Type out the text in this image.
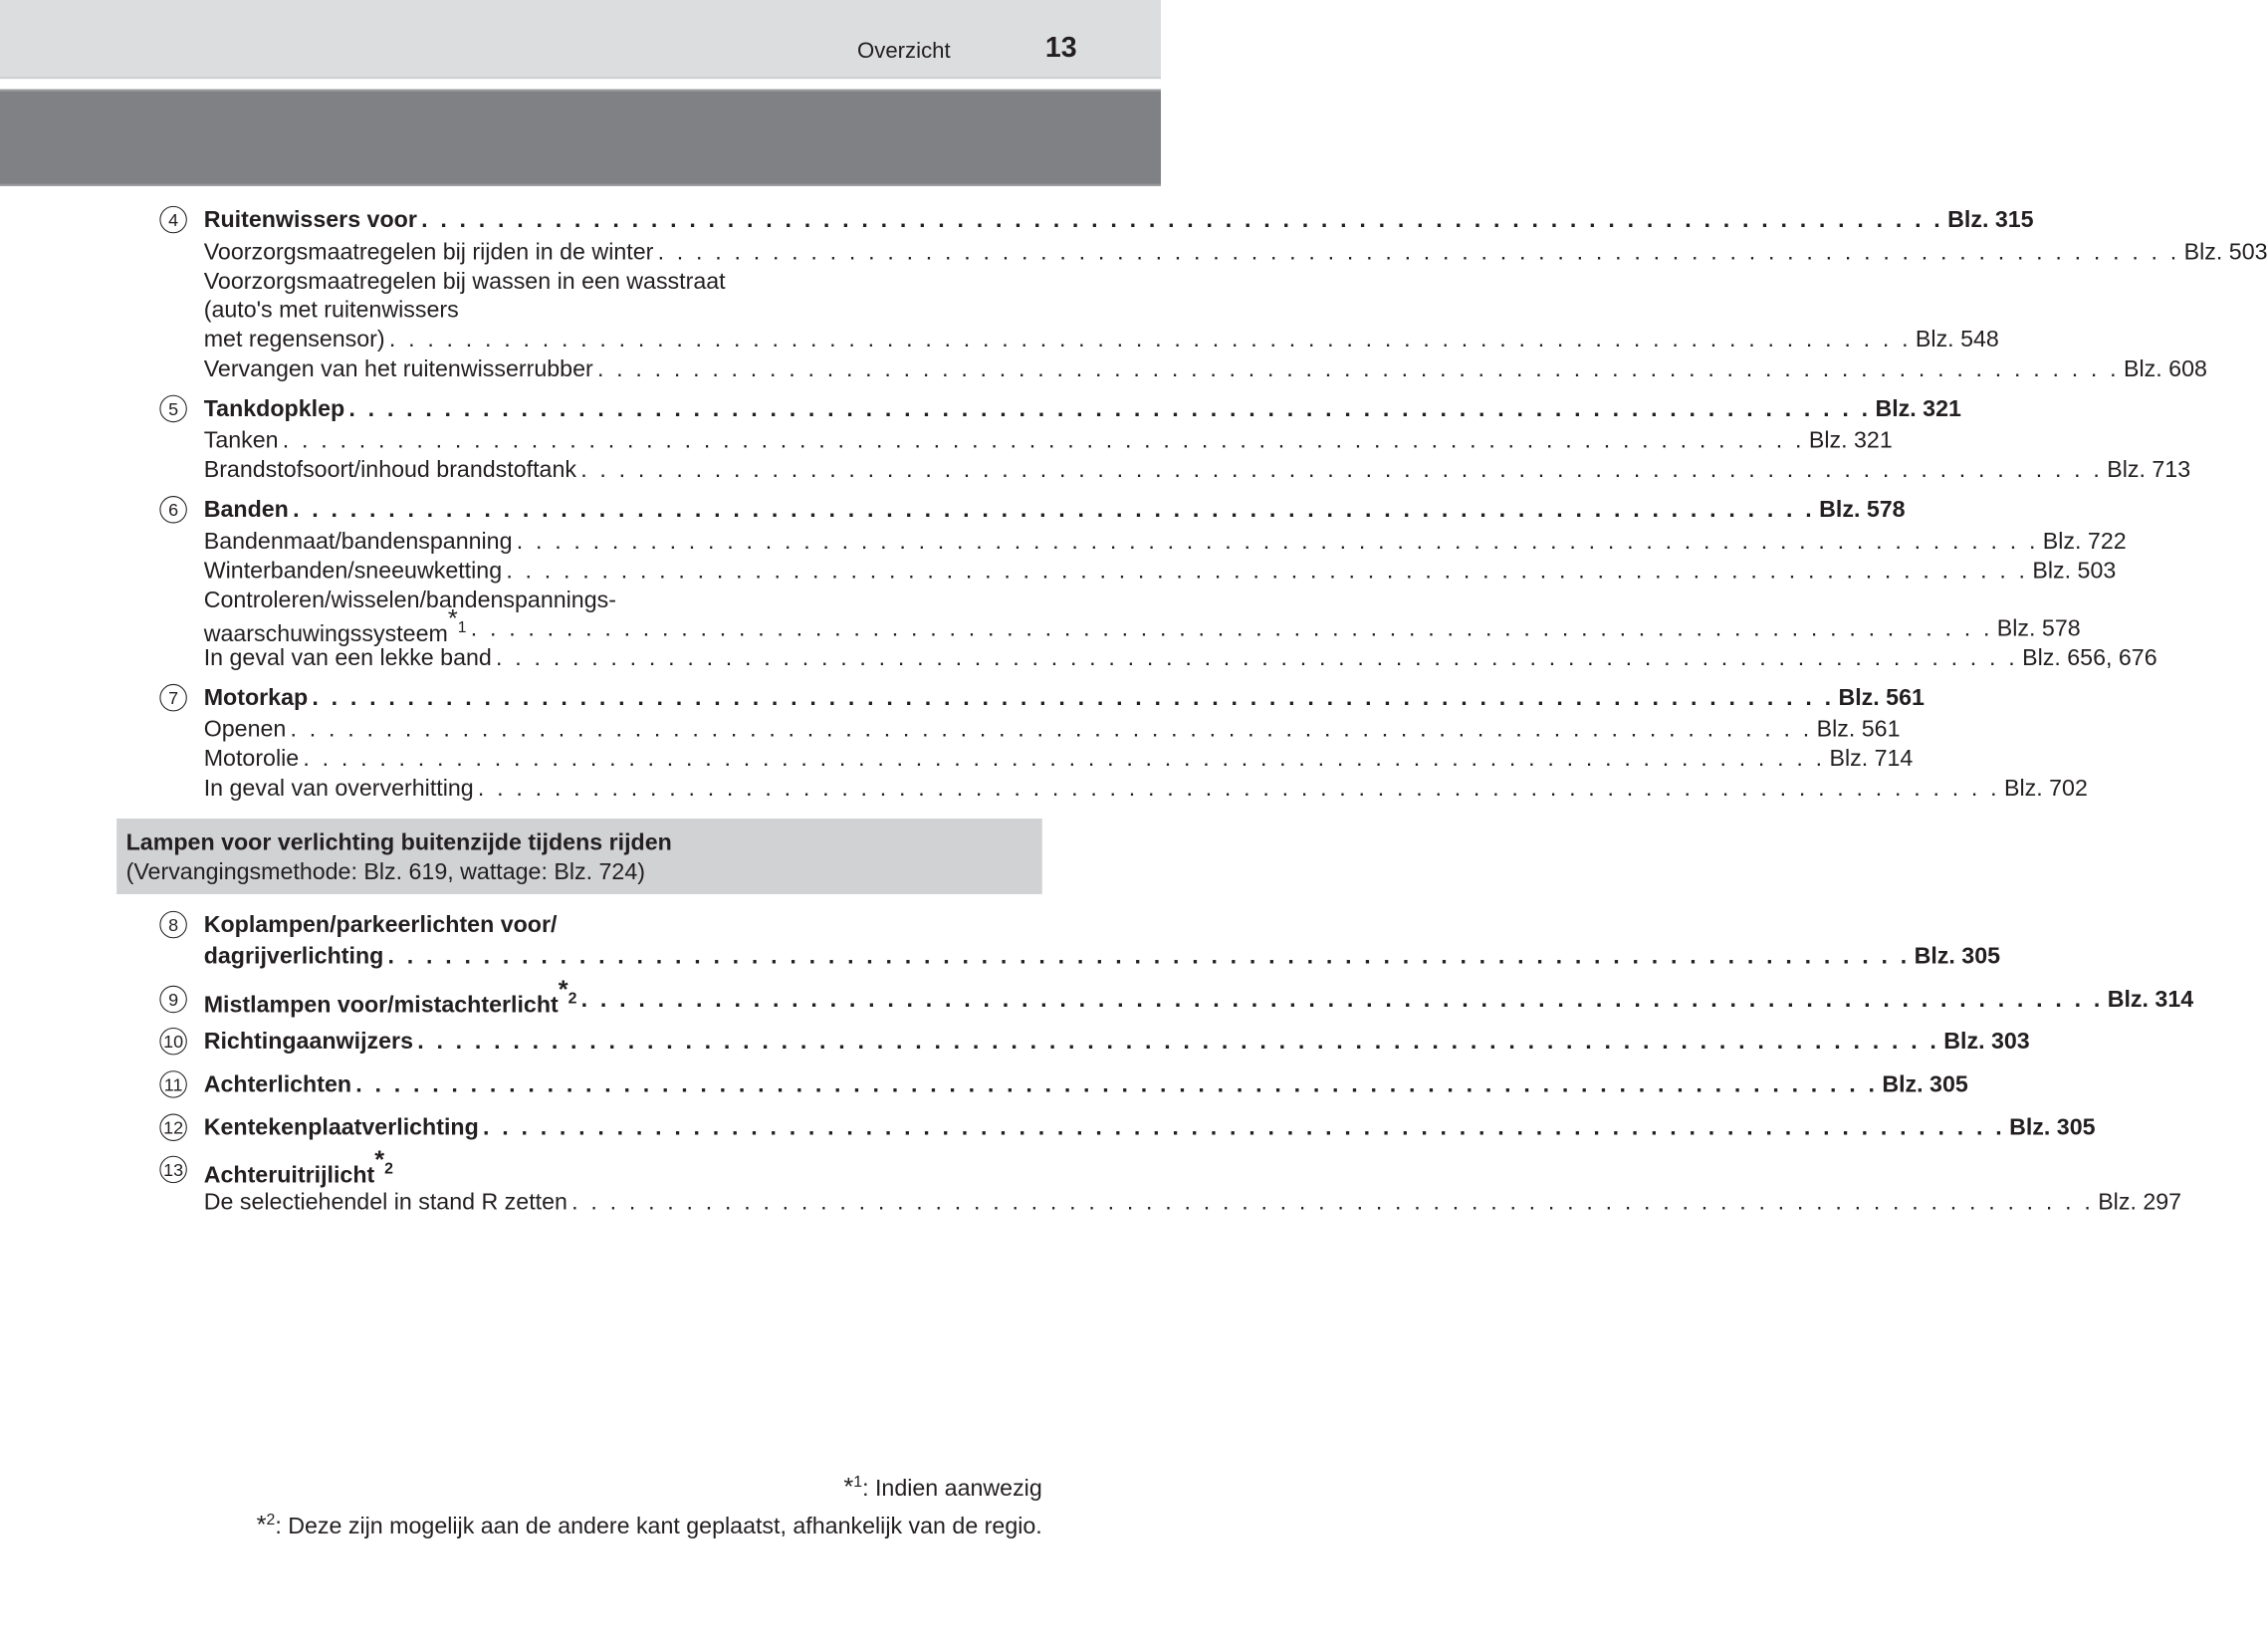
Overzicht	13
Lampen voor verlichting buitenzijde tijdens rijden
(Vervangingsmethode: Blz. 619, wattage: Blz. 724)
4	Ruitenwissers voor . . . . . . . . . . . . . . . . . . . . . . . . . . . . . . . . . . . . . . . . . . . . . . . . . . . . . . . . . . . . . . . . . . . . . . . . . . . . . . . . Blz. 315
Voorzorgsmaatregelen bij rijden in de winter . . . . . . . . . . . . . . . . . . . . . . . . . . . . . . . . . . . . . . . . . . . . . . . . . . . . . . . . . . . . . . . . . . . . . . . . . . . . . . . . Blz. 503
Voorzorgsmaatregelen bij wassen in een wasstraat
(auto's met ruitenwissers
met regensensor) . . . . . . . . . . . . . . . . . . . . . . . . . . . . . . . . . . . . . . . . . . . . . . . . . . . . . . . . . . . . . . . . . . . . . . . . . . . . . . . . Blz. 548
Vervangen van het ruitenwisserrubber . . . . . . . . . . . . . . . . . . . . . . . . . . . . . . . . . . . . . . . . . . . . . . . . . . . . . . . . . . . . . . . . . . . . . . . . . . . . . . . . Blz. 608
5	Tankdopklep . . . . . . . . . . . . . . . . . . . . . . . . . . . . . . . . . . . . . . . . . . . . . . . . . . . . . . . . . . . . . . . . . . . . . . . . . . . . . . . . Blz. 321
Tanken . . . . . . . . . . . . . . . . . . . . . . . . . . . . . . . . . . . . . . . . . . . . . . . . . . . . . . . . . . . . . . . . . . . . . . . . . . . . . . . . Blz. 321
Brandstofsoort/inhoud brandstoftank . . . . . . . . . . . . . . . . . . . . . . . . . . . . . . . . . . . . . . . . . . . . . . . . . . . . . . . . . . . . . . . . . . . . . . . . . . . . . . . . Blz. 713
6	Banden . . . . . . . . . . . . . . . . . . . . . . . . . . . . . . . . . . . . . . . . . . . . . . . . . . . . . . . . . . . . . . . . . . . . . . . . . . . . . . . . Blz. 578
Bandenmaat/bandenspanning . . . . . . . . . . . . . . . . . . . . . . . . . . . . . . . . . . . . . . . . . . . . . . . . . . . . . . . . . . . . . . . . . . . . . . . . . . . . . . . . Blz. 722
Winterbanden/sneeuwketting . . . . . . . . . . . . . . . . . . . . . . . . . . . . . . . . . . . . . . . . . . . . . . . . . . . . . . . . . . . . . . . . . . . . . . . . . . . . . . . . Blz. 503
Controleren/wisselen/bandenspannings-
waarschuwingssysteem$^{*1}$ . . . . . . . . . . . . . . . . . . . . . . . . . . . . . . . . . . . . . . . . . . . . . . . . . . . . . . . . . . . . . . . . . . . . . . . . . . . . . . . . Blz. 578
In geval van een lekke band . . . . . . . . . . . . . . . . . . . . . . . . . . . . . . . . . . . . . . . . . . . . . . . . . . . . . . . . . . . . . . . . . . . . . . . . . . . . . . . . Blz. 656, 676
7	Motorkap . . . . . . . . . . . . . . . . . . . . . . . . . . . . . . . . . . . . . . . . . . . . . . . . . . . . . . . . . . . . . . . . . . . . . . . . . . . . . . . . Blz. 561
Openen . . . . . . . . . . . . . . . . . . . . . . . . . . . . . . . . . . . . . . . . . . . . . . . . . . . . . . . . . . . . . . . . . . . . . . . . . . . . . . . . Blz. 561
Motorolie . . . . . . . . . . . . . . . . . . . . . . . . . . . . . . . . . . . . . . . . . . . . . . . . . . . . . . . . . . . . . . . . . . . . . . . . . . . . . . . . Blz. 714
In geval van oververhitting . . . . . . . . . . . . . . . . . . . . . . . . . . . . . . . . . . . . . . . . . . . . . . . . . . . . . . . . . . . . . . . . . . . . . . . . . . . . . . . . Blz. 702
8	Koplampen/parkeerlichten voor/
dagrijverlichting . . . . . . . . . . . . . . . . . . . . . . . . . . . . . . . . . . . . . . . . . . . . . . . . . . . . . . . . . . . . . . . . . . . . . . . . . . . . . . . . Blz. 305
9	Mistlampen voor/mistachterlicht$^{*2}$ . . . . . . . . . . . . . . . . . . . . . . . . . . . . . . . . . . . . . . . . . . . . . . . . . . . . . . . . . . . . . . . . . . . . . . . . . . . . . . . . Blz. 314
10 Richtingaanwijzers . . . . . . . . . . . . . . . . . . . . . . . . . . . . . . . . . . . . . . . . . . . . . . . . . . . . . . . . . . . . . . . . . . . . . . . . . . . . . . . . Blz. 303
11 Achterlichten . . . . . . . . . . . . . . . . . . . . . . . . . . . . . . . . . . . . . . . . . . . . . . . . . . . . . . . . . . . . . . . . . . . . . . . . . . . . . . . . Blz. 305
12 Kentekenplaatverlichting . . . . . . . . . . . . . . . . . . . . . . . . . . . . . . . . . . . . . . . . . . . . . . . . . . . . . . . . . . . . . . . . . . . . . . . . . . . . . . . . Blz. 305
13 Achteruitrijlicht$^{*2}$
De selectiehendel in stand R zetten . . . . . . . . . . . . . . . . . . . . . . . . . . . . . . . . . . . . . . . . . . . . . . . . . . . . . . . . . . . . . . . . . . . . . . . . . . . . . . . . Blz. 297
*$^1$: Indien aanwezig
*$^2$: Deze zijn mogelijk aan de andere kant geplaatst, afhankelijk van de regio.
